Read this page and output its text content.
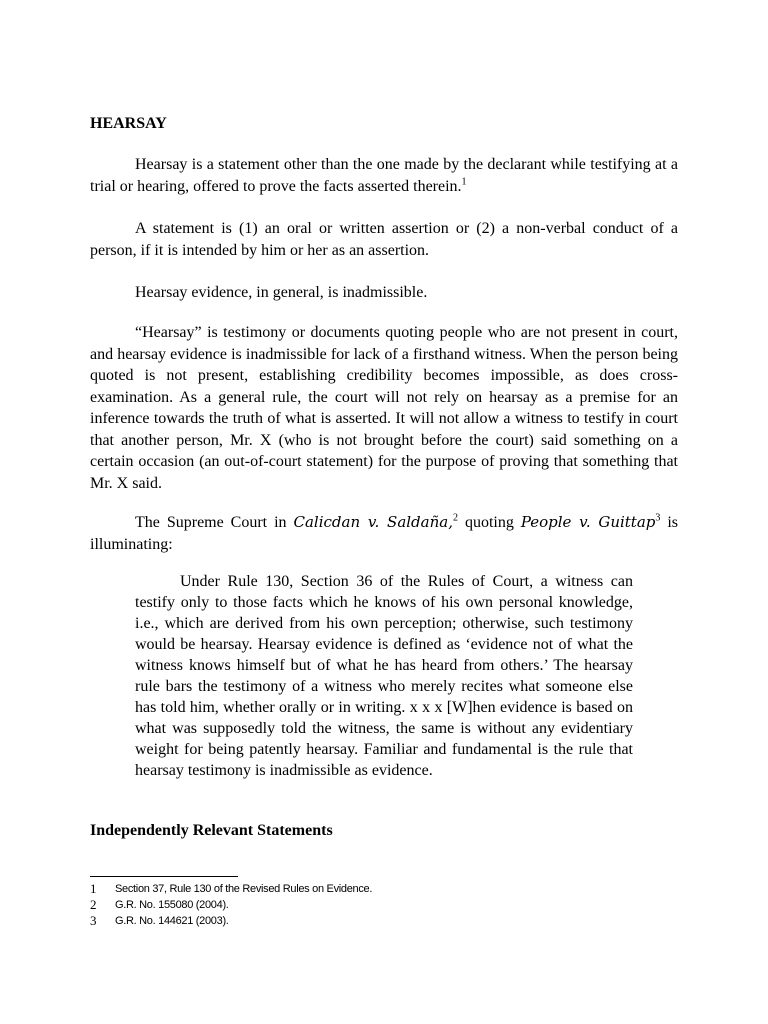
HEARSAY

Hearsay is a statement other than the one made by the declarant while testifying at a trial or hearing, offered to prove the facts asserted therein.$^1$

A statement is (1) an oral or written assertion or (2) a non-verbal conduct of a person, if it is intended by him or her as an assertion.

Hearsay evidence, in general, is inadmissible.

“Hearsay” is testimony or documents quoting people who are not present in court, and hearsay evidence is inadmissible for lack of a firsthand witness. When the person being quoted is not present, establishing credibility becomes impossible, as does cross-examination. As a general rule, the court will not rely on hearsay as a premise for an inference towards the truth of what is asserted. It will not allow a witness to testify in court that another person, Mr. X (who is not brought before the court) said something on a certain occasion (an out-of-court statement) for the purpose of proving that something that Mr. X said.

The Supreme Court in Calicdan v. Saldaña,$^2$ quoting People v. Guittap$^3$ is illuminating:

Under Rule 130, Section 36 of the Rules of Court, a witness can testify only to those facts which he knows of his own personal knowledge, i.e., which are derived from his own perception; otherwise, such testimony would be hearsay. Hearsay evidence is defined as ‘evidence not of what the witness knows himself but of what he has heard from others.’ The hearsay rule bars the testimony of a witness who merely recites what someone else has told him, whether orally or in writing. x x x [W]hen evidence is based on what was supposedly told the witness, the same is without any evidentiary weight for being patently hearsay. Familiar and fundamental is the rule that hearsay testimony is inadmissible as evidence.

Independently Relevant Statements
1	Section 37, Rule 130 of the Revised Rules on Evidence.
2	G.R. No. 155080 (2004).
3	G.R. No. 144621 (2003).
